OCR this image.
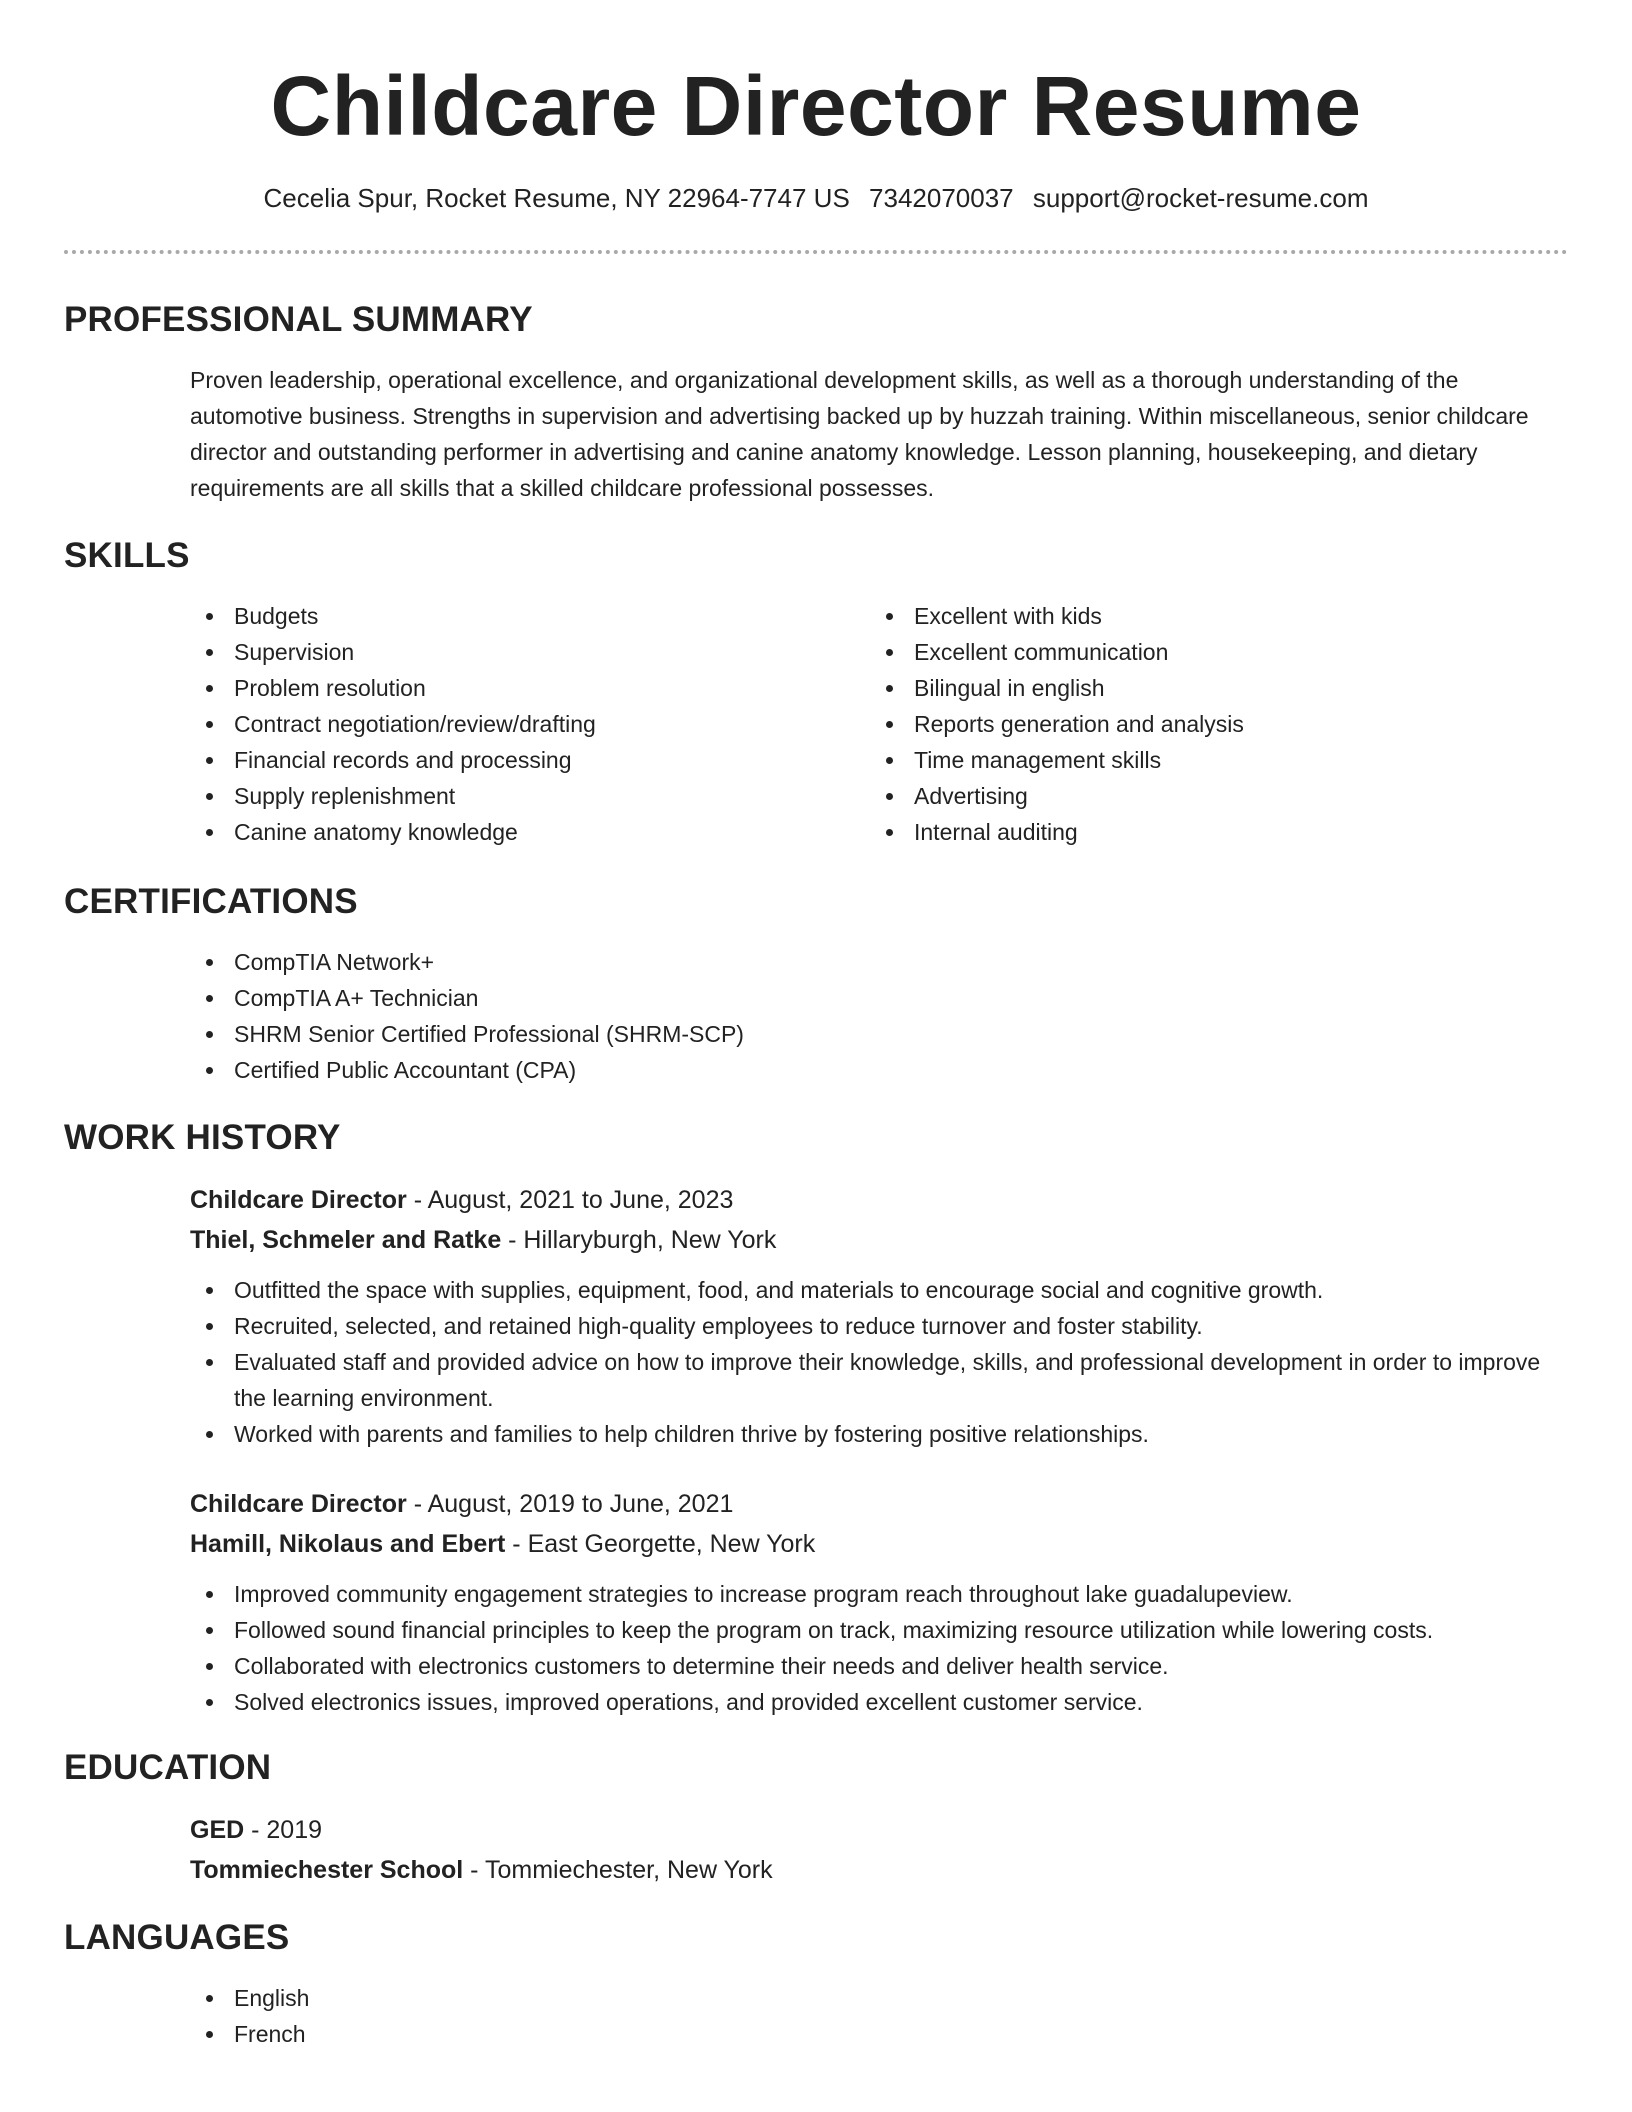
Childcare Director Resume
Cecelia Spur, Rocket Resume, NY 22964-7747 US 7342070037 support@rocket-resume.com
PROFESSIONAL SUMMARY
Proven leadership, operational excellence, and organizational development skills, as well as a thorough understanding of the automotive business. Strengths in supervision and advertising backed up by huzzah training. Within miscellaneous, senior childcare director and outstanding performer in advertising and canine anatomy knowledge. Lesson planning, housekeeping, and dietary requirements are all skills that a skilled childcare professional possesses.
SKILLS
Budgets
Supervision
Problem resolution
Contract negotiation/review/drafting
Financial records and processing
Supply replenishment
Canine anatomy knowledge
Excellent with kids
Excellent communication
Bilingual in english
Reports generation and analysis
Time management skills
Advertising
Internal auditing
CERTIFICATIONS
CompTIA Network+
CompTIA A+ Technician
SHRM Senior Certified Professional (SHRM-SCP)
Certified Public Accountant (CPA)
WORK HISTORY
Childcare Director - August, 2021 to June, 2023
Thiel, Schmeler and Ratke - Hillaryburgh, New York
Outfitted the space with supplies, equipment, food, and materials to encourage social and cognitive growth.
Recruited, selected, and retained high-quality employees to reduce turnover and foster stability.
Evaluated staff and provided advice on how to improve their knowledge, skills, and professional development in order to improve the learning environment.
Worked with parents and families to help children thrive by fostering positive relationships.
Childcare Director - August, 2019 to June, 2021
Hamill, Nikolaus and Ebert - East Georgette, New York
Improved community engagement strategies to increase program reach throughout lake guadalupeview.
Followed sound financial principles to keep the program on track, maximizing resource utilization while lowering costs.
Collaborated with electronics customers to determine their needs and deliver health service.
Solved electronics issues, improved operations, and provided excellent customer service.
EDUCATION
GED - 2019
Tommiechester School - Tommiechester, New York
LANGUAGES
English
French
